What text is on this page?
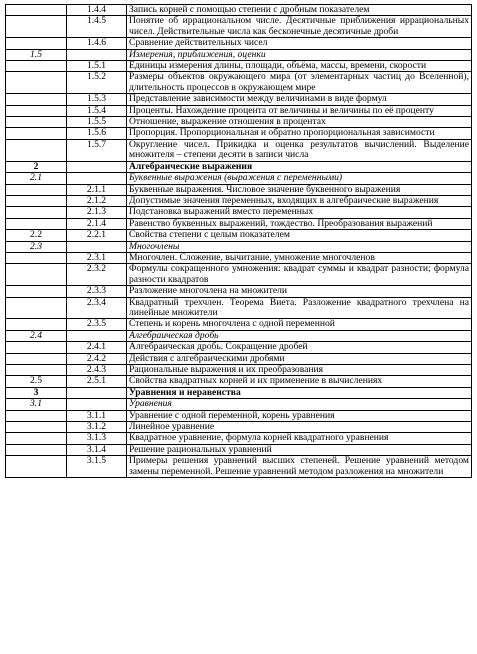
	1.4.4	Запись корней с помощью степени с дробным показателем
	1.4.5	Понятие об иррациональном числе. Десятичные приближения иррациональных чисел. Действительные числа как бесконечные десятичные дроби
	1.4.6	Сравнение действительных чисел
1.5		Измерения, приближения, оценки
	1.5.1	Единицы измерения длины, площади, объёма, массы, времени, скорости
	1.5.2	Размеры объектов окружающего мира (от элементарных частиц до Вселенной), длительность процессов в окружающем мире
	1.5.3	Представление зависимости между величинами в виде формул
	1.5.4	Проценты. Нахождение процента от величины и величины по её проценту
	1.5.5	Отношение, выражение отношения в процентах
	1.5.6	Пропорция. Пропорциональная и обратно пропорциональная зависимости
	1.5.7	Округление чисел. Прикидка и оценка результатов вычислений. Выделение множителя – степени десяти в записи числа
2		Алгебраические выражения
2.1		Буквенные выражения (выражения с переменными)
	2.1.1	Буквенные выражения. Числовое значение буквенного выражения
	2.1.2	Допустимые значения переменных, входящих в алгебраические выражения
	2.1.3	Подстановка выражений вместо переменных
	2.1.4	Равенство буквенных выражений, тождество. Преобразования выражений
2.2	2.2.1	Свойства степени с целым показателем
2.3		Многочлены
	2.3.1	Многочлен. Сложение, вычитание, умножение многочленов
	2.3.2	Формулы сокращенного умножения: квадрат суммы и квадрат разности; формула разности квадратов
	2.3.3	Разложение многочлена на множители
	2.3.4	Квадратный трехчлен. Теорема Виета. Разложение квадратного трехчлена на линейные множители
	2.3.5	Степень и корень многочлена с одной переменной
2.4		Алгебраическая дробь
	2.4.1	Алгебраическая дробь. Сокращение дробей
	2.4.2	Действия с алгебраическими дробями
	2.4.3	Рациональные выражения и их преобразования
2.5	2.5.1	Свойства квадратных корней и их применение в вычислениях
3		Уравнения и неравенства
3.1		Уравнения
	3.1.1	Уравнение с одной переменной, корень уравнения
	3.1.2	Линейное уравнение
	3.1.3	Квадратное уравнение, формула корней квадратного уравнения
	3.1.4	Решение рациональных уравнений
	3.1.5	Примеры решения уравнений высших степеней. Решение уравнений методом замены переменной. Решение уравнений методом разложения на множители
